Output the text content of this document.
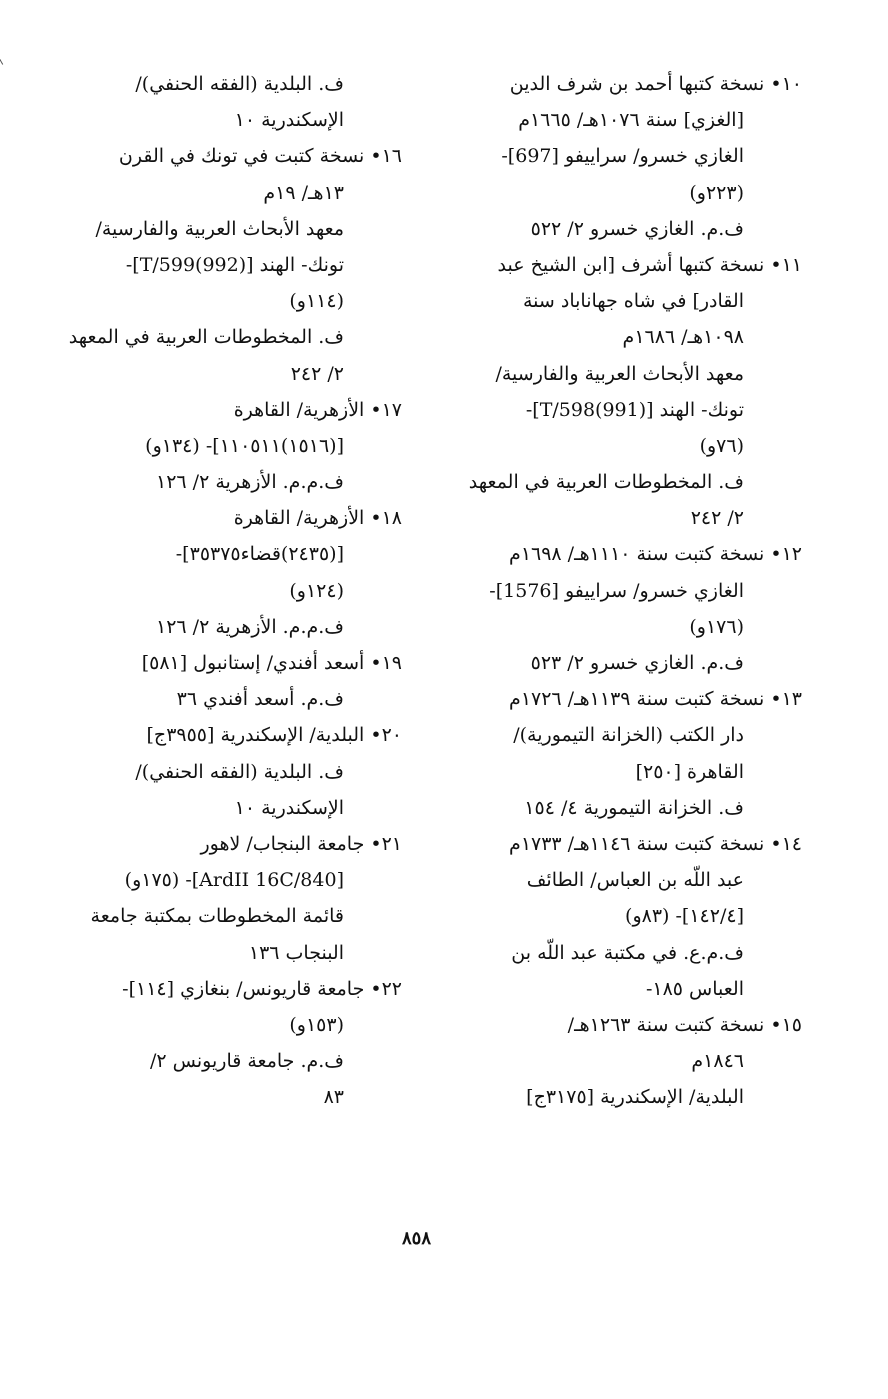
١٠• نسخة كتبها أحمد بن شرف الدين
[الغزي] سنة ١٠٧٦هـ/ ١٦٦٥م
الغازي خسرو/ سراييفو [697]-
(٢٢٣و)
ف.م. الغازي خسرو ٢/ ٥٢٢
١١• نسخة كتبها أشرف [ابن الشيخ عبد
القادر] في شاه جهاناباد سنة
١٠٩٨هـ/ ١٦٨٦م
معهد الأبحاث العربية والفارسية/
تونك- الهند [T/598(991)]-
(٧٦و)
ف. المخطوطات العربية في المعهد
٢/ ٢٤٢
١٢• نسخة كتبت سنة ١١١٠هـ/ ١٦٩٨م
الغازي خسرو/ سراييفو [1576]-
(١٧٦و)
ف.م. الغازي خسرو ٢/ ٥٢٣
١٣• نسخة كتبت سنة ١١٣٩هـ/ ١٧٢٦م
دار الكتب (الخزانة التيمورية)/
القاهرة [٢٥٠]
ف. الخزانة التيمورية ٤/ ١٥٤
١٤• نسخة كتبت سنة ١١٤٦هـ/ ١٧٣٣م
عبد اللّه بن العباس/ الطائف
[١٤٢/٤]- (٨٣و)
ف.م.ع. في مكتبة عبد اللّه بن
العباس ١٨٥-
١٥• نسخة كتبت سنة ١٢٦٣هـ/
١٨٤٦م
البلدية/ الإسكندرية [٣١٧٥ج]
ف. البلدية (الفقه الحنفي)/
الإسكندرية ١٠
١٦• نسخة كتبت في تونك في القرن
١٣هـ/ ١٩م
معهد الأبحاث العربية والفارسية/
تونك- الهند [T/599(992)]-
(١١٤و)
ف. المخطوطات العربية في المعهد
٢/ ٢٤٢
١٧• الأزهرية/ القاهرة
[(١٥١٦)١١٠٥١١]- (١٣٤و)
ف.م.م. الأزهرية ٢/ ١٢٦
١٨• الأزهرية/ القاهرة
[(٢٤٣٥)قضاء٣٥٣٧٥]-
(١٢٤و)
ف.م.م. الأزهرية ٢/ ١٢٦
١٩• أسعد أفندي/ إستانبول [٥٨١]
ف.م. أسعد أفندي ٣٦
٢٠• البلدية/ الإسكندرية [٣٩٥٥ج]
ف. البلدية (الفقه الحنفي)/
الإسكندرية ١٠
٢١• جامعة البنجاب/ لاهور
[ArdII 16C/840]- (١٧٥و)
قائمة المخطوطات بمكتبة جامعة
البنجاب ١٣٦
٢٢• جامعة قاريونس/ بنغازي [١١٤]-
(١٥٣و)
ف.م. جامعة قاريونس ٢/
٨٣
٨٥٨
